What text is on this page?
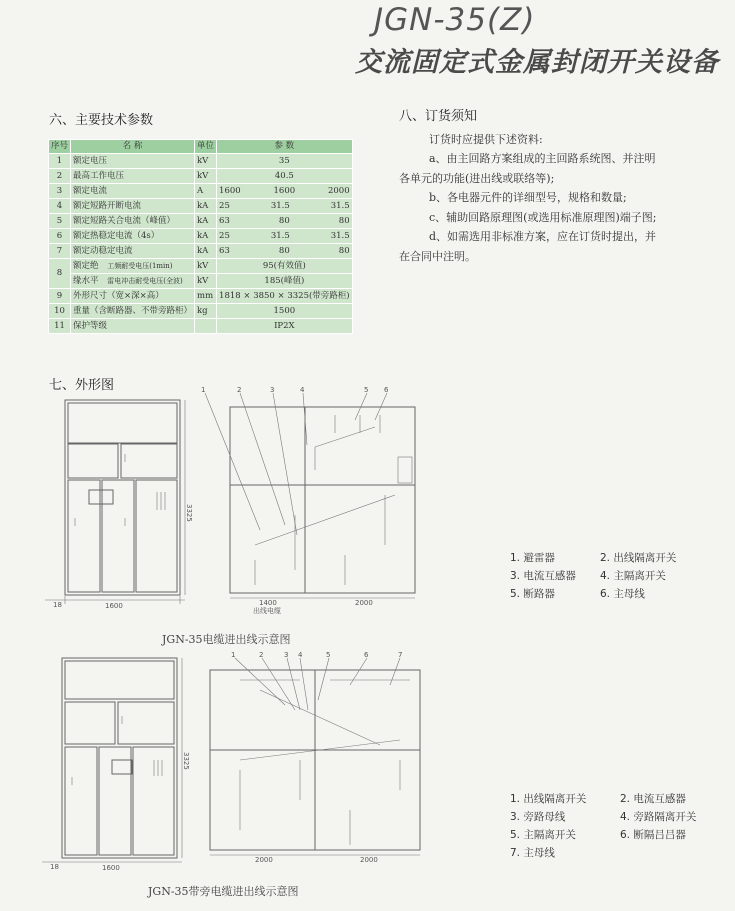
JGN-35(Z)
交流固定式金属封闭开关设备
六、主要技术参数
序号	名 称	单位	参 数
1	额定电压	kV	35
2	最高工作电压	kV	40.5
3	额定电流	A	1600 1600 2000

4	额定短路开断电流	kA	25 31.5 31.5

5	额定短路关合电流（峰值）	kA	63 80 80

6	额定热稳定电流（4s）	kA	25 31.5 31.5

7	额定动稳定电流	kA	63 80 80

8	额定绝 工频耐受电压(1min)	kV	95(有效值)
	缘水平 雷电冲击耐受电压(全波)	kV	185(峰值)
9	外形尺寸（宽×深×高）	mm	1818 × 3850 × 3325(带旁路柜)
10	重量（含断路器、不带旁路柜）	kg	1500
11	保护等级		IP2X

八、订货须知

订货时应提供下述资料:

a、由主回路方案组成的主回路系统图、并注明

各单元的功能(进出线或联络等);

b、各电器元件的详细型号，规格和数量;

c、辅助回路原理图(或选用标准原理图)端子图;

d、如需选用非标准方案，应在订货时提出，并

在合同中注明。

七、外形图
1600
18
3325
1	2	3	4	5 6
1400	2000
出线电缆
JGN-35电缆进出线示意图
1. 避雷器	2. 出线隔离开关
3. 电流互感器	4. 主隔离开关
5. 断路器	6. 主母线
1600
18
3325
1	2	3 4	5	6	7
2000	2000
JGN-35带旁电缆进出线示意图
1. 出线隔离开关	2. 电流互感器
3. 旁路母线	4. 旁路隔离开关
5. 主隔离开关	6. 断隔吕吕器
7. 主母线
